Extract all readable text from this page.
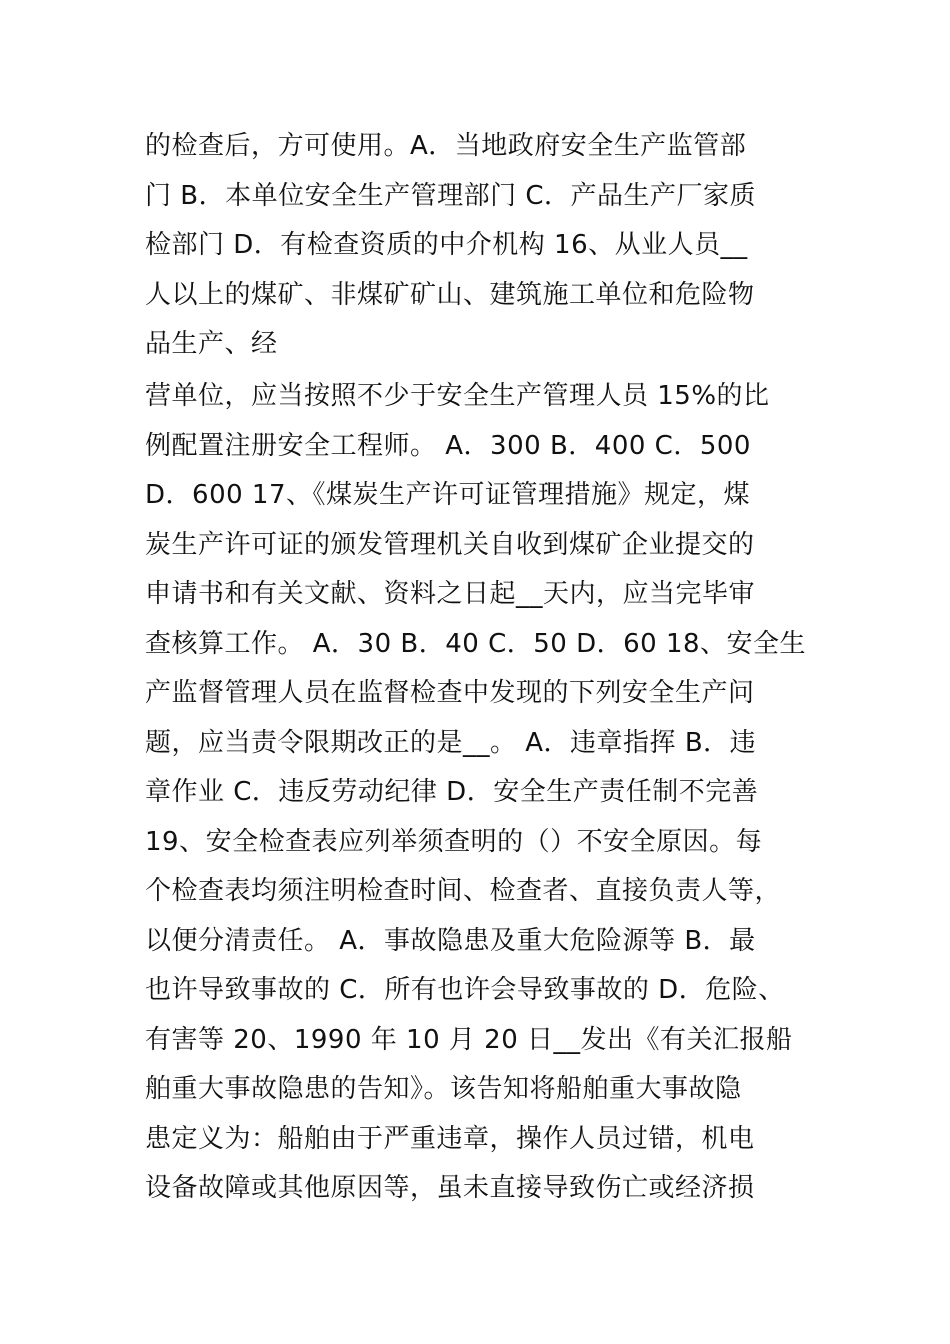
的检查后，方可使用。A．当地政府安全生产监管部
门 B．本单位安全生产管理部门 C．产品生产厂家质
检部门 D．有检查资质的中介机构 16、从业人员__
人以上的煤矿、非煤矿矿山、建筑施工单位和危险物
品生产、经
营单位，应当按照不少于安全生产管理人员 15%的比
例配置注册安全工程师。 A．300 B．400 C．500
D．600 17、《煤炭生产许可证管理措施》规定，煤
炭生产许可证的颁发管理机关自收到煤矿企业提交的
申请书和有关文献、资料之日起__天内，应当完毕审
查核算工作。 A．30 B．40 C．50 D．60 18、安全生
产监督管理人员在监督检查中发现的下列安全生产问
题，应当责令限期改正的是__。 A．违章指挥 B．违
章作业 C．违反劳动纪律 D．安全生产责任制不完善
19、安全检查表应列举须查明的（）不安全原因。每
个检查表均须注明检查时间、检查者、直接负责人等，
以便分清责任。 A．事故隐患及重大危险源等 B．最
也许导致事故的 C．所有也许会导致事故的 D．危险、
有害等 20、1990 年 10 月 20 日__发出《有关汇报船
舶重大事故隐患的告知》。该告知将船舶重大事故隐
患定义为：船舶由于严重违章，操作人员过错，机电
设备故障或其他原因等，虽未直接导致伤亡或经济损
